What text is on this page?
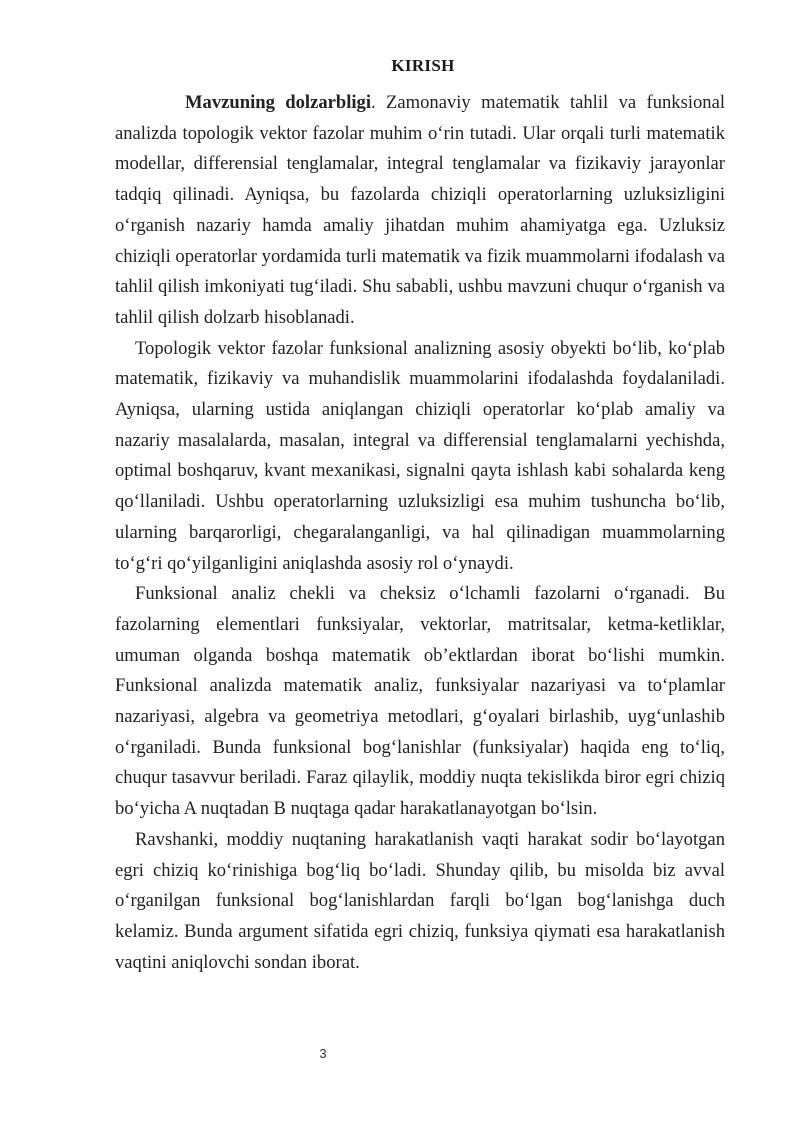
KIRISH

Mavzuning dolzarbligi. Zamonaviy matematik tahlil va funksional analizda topologik vektor fazolar muhim oʻrin tutadi. Ular orqali turli matematik modellar, differensial tenglamalar, integral tenglamalar va fizikaviy jarayonlar tadqiq qilinadi. Ayniqsa, bu fazolarda chiziqli operatorlarning uzluksizligini oʻrganish nazariy hamda amaliy jihatdan muhim ahamiyatga ega. Uzluksiz chiziqli operatorlar yordamida turli matematik va fizik muammolarni ifodalash va tahlil qilish imkoniyati tugʻiladi. Shu sababli, ushbu mavzuni chuqur oʻrganish va tahlil qilish dolzarb hisoblanadi.

Topologik vektor fazolar funksional analizning asosiy obyekti boʻlib, koʻplab matematik, fizikaviy va muhandislik muammolarini ifodalashda foydalaniladi. Ayniqsa, ularning ustida aniqlangan chiziqli operatorlar koʻplab amaliy va nazariy masalalarda, masalan, integral va differensial tenglamalarni yechishda, optimal boshqaruv, kvant mexanikasi, signalni qayta ishlash kabi sohalarda keng qoʻllaniladi. Ushbu operatorlarning uzluksizligi esa muhim tushuncha boʻlib, ularning barqarorligi, chegaralanganligi, va hal qilinadigan muammolarning toʻgʻri qoʻyilganligini aniqlashda asosiy rol oʻynaydi.

Funksional analiz chekli va cheksiz oʻlchamli fazolarni oʻrganadi. Bu fazolarning elementlari funksiyalar, vektorlar, matritsalar, ketma-ketliklar, umuman olganda boshqa matematik obʼektlardan iborat boʻlishi mumkin. Funksional analizda matematik analiz, funksiyalar nazariyasi va toʻplamlar nazariyasi, algebra va geometriya metodlari, gʻoyalari birlashib, uygʻunlashib oʻrganiladi. Bunda funksional bogʻlanishlar (funksiyalar) haqida eng toʻliq, chuqur tasavvur beriladi. Faraz qilaylik, moddiy nuqta tekislikda biror egri chiziq boʻyicha A nuqtadan B nuqtaga qadar harakatlanayotgan boʻlsin.

Ravshanki, moddiy nuqtaning harakatlanish vaqti harakat sodir boʻlayotgan egri chiziq koʻrinishiga bogʻliq boʻladi. Shunday qilib, bu misolda biz avval oʻrganilgan funksional bogʻlanishlardan farqli boʻlgan bogʻlanishga duch kelamiz. Bunda argument sifatida egri chiziq, funksiya qiymati esa harakatlanish vaqtini aniqlovchi sondan iborat.

3
